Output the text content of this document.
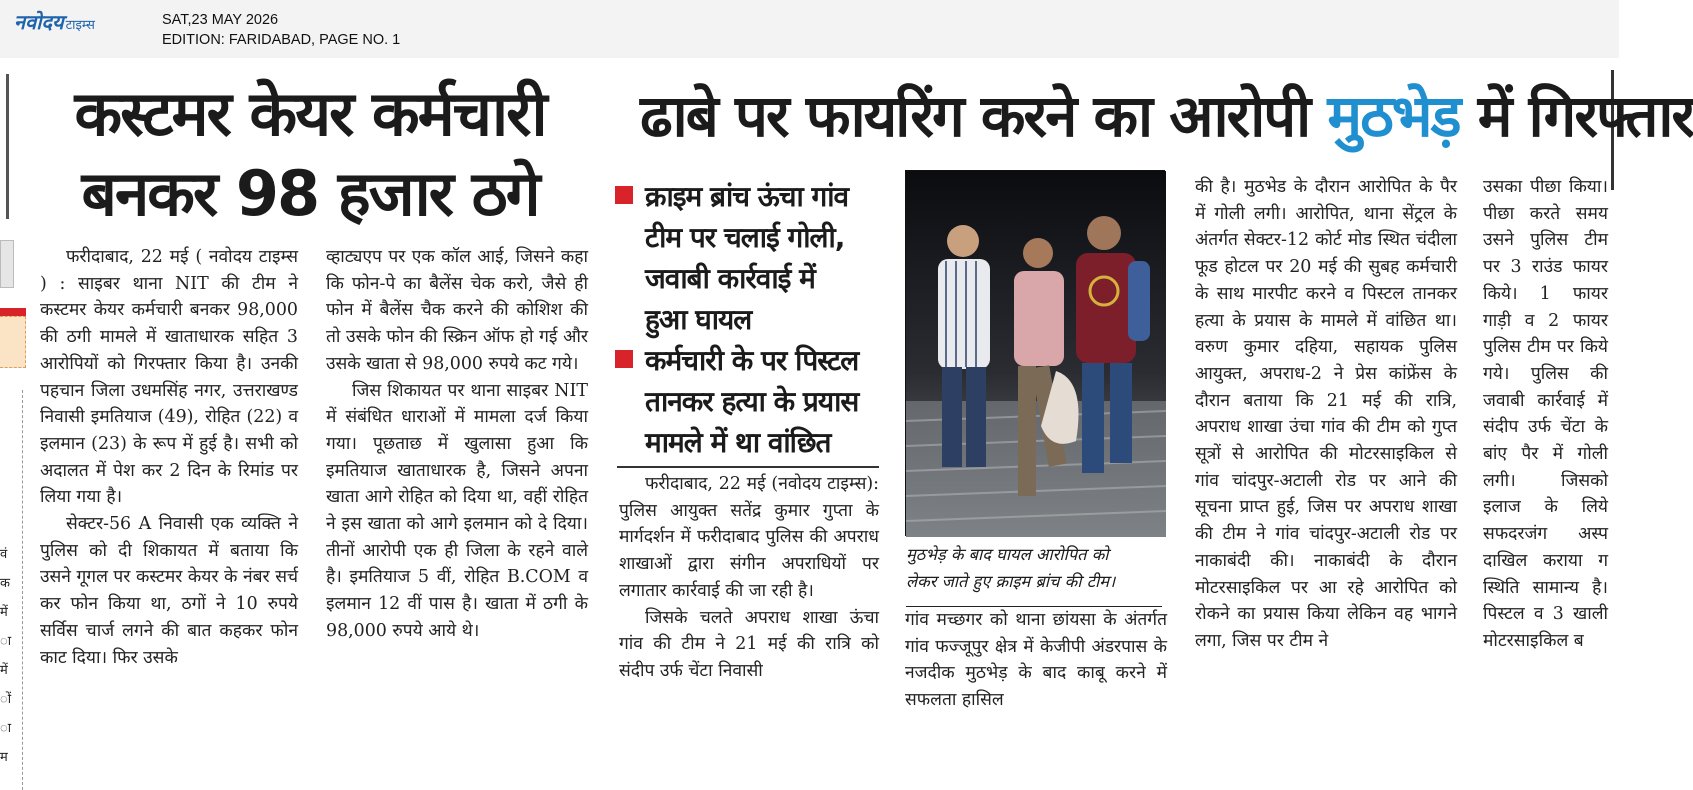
नवोदय टाइम्स	SAT,23 MAY 2026
EDITION: FARIDABAD, PAGE NO. 1
वं
क
में
ा
में
ों
ा
म
कस्टमर केयर कर्मचारी
बनकर 98 हजार ठगे

फरीदाबाद, 22 मई ( नवोदय टाइम्स ) : साइबर थाना NIT की टीम ने कस्टमर केयर कर्मचारी बनकर 98,000 की ठगी मामले में खाताधारक सहित 3 आरोपियों को गिरफ्तार किया है। उनकी पहचान जिला उधमसिंह नगर, उत्तराखण्ड निवासी इमतियाज (49), रोहित (22) व इलमान (23) के रूप में हुई है। सभी को अदालत में पेश कर 2 दिन के रिमांड पर लिया गया है।

सेक्टर-56 A निवासी एक व्यक्ति ने पुलिस को दी शिकायत में बताया कि उसने गूगल पर कस्टमर केयर के नंबर सर्च कर फोन किया था, ठगों ने 10 रुपये सर्विस चार्ज लगने की बात कहकर फोन काट दिया। फिर उसके

व्हाट्यएप पर एक कॉल आई, जिसने कहा कि फोन-पे का बैलेंस चेक करो, जैसे ही फोन में बैलेंस चैक करने की कोशिश की तो उसके फोन की स्क्रिन ऑफ हो गई और उसके खाता से 98,000 रुपये कट गये।

जिस शिकायत पर थाना साइबर NIT में संबंधित धाराओं में मामला दर्ज किया गया। पूछताछ में खुलासा हुआ कि इमतियाज खाताधारक है, जिसने अपना खाता आगे रोहित को दिया था, वहीं रोहित ने इस खाता को आगे इलमान को दे दिया। तीनों आरोपी एक ही जिला के रहने वाले है। इमतियाज 5 वीं, रोहित B.COM व इलमान 12 वीं पास है। खाता में ठगी के 98,000 रुपये आये थे।

ढाबे पर फायरिंग करने का आरोपी मुठभेड़ में गिरफ्तार
क्राइम ब्रांच ऊंचा गांव टीम पर चलाई गोली, जवाबी कार्रवाई में हुआ घायल
कर्मचारी के पर पिस्टल तानकर हत्या के प्रयास मामले में था वांछित

फरीदाबाद, 22 मई (नवोदय टाइम्स): पुलिस आयुक्त सतेंद्र कुमार गुप्ता के मार्गदर्शन में फरीदाबाद पुलिस की अपराध शाखाओं द्वारा संगीन अपराधियों पर लगातार कार्रवाई की जा रही है।

जिसके चलते अपराध शाखा ऊंचा गांव की टीम ने 21 मई की रात्रि को संदीप उर्फ चेंटा निवासी

मुठभेड़ के बाद घायल आरोपित को
लेकर जाते हुए क्राइम ब्रांच की टीम।

गांव मच्छगर को थाना छांयसा के अंतर्गत गांव फज्जूपुर क्षेत्र में केजीपी अंडरपास के नजदीक मुठभेड़ के बाद काबू करने में सफलता हासिल

की है। मुठभेड के दौरान आरोपित के पैर में गोली लगी। आरोपित, थाना सेंट्रल के अंतर्गत सेक्टर-12 कोर्ट मोड स्थित चंदीला फूड होटल पर 20 मई की सुबह कर्मचारी के साथ मारपीट करने व पिस्टल तानकर हत्या के प्रयास के मामले में वांछित था। वरुण कुमार दहिया, सहायक पुलिस आयुक्त, अपराध-2 ने प्रेस कांफ्रेंस के दौरान बताया कि 21 मई की रात्रि, अपराध शाखा उंचा गांव की टीम को गुप्त सूत्रों से आरोपित की मोटरसाइकिल से गांव चांदपुर-अटाली रोड पर आने की सूचना प्राप्त हुई, जिस पर अपराध शाखा की टीम ने गांव चांदपुर-अटाली रोड पर नाकाबंदी की। नाकाबंदी के दौरान मोटरसाइकिल पर आ रहे आरोपित को रोकने का प्रयास किया लेकिन वह भागने लगा, जिस पर टीम ने

उसका पीछा किया। पीछा करते समय उसने पुलिस टीम पर 3 राउंड फायर किये। 1 फायर गाड़ी व 2 फायर पुलिस टीम पर किये गये। पुलिस की जवाबी कार्रवाई में संदीप उर्फ चेंटा के बांए पैर में गोली लगी। जिसको इलाज के लिये सफदरजंग अस्प दाखिल कराया ग स्थिति सामान्य है। पिस्टल व 3 खाली मोटरसाइकिल ब
